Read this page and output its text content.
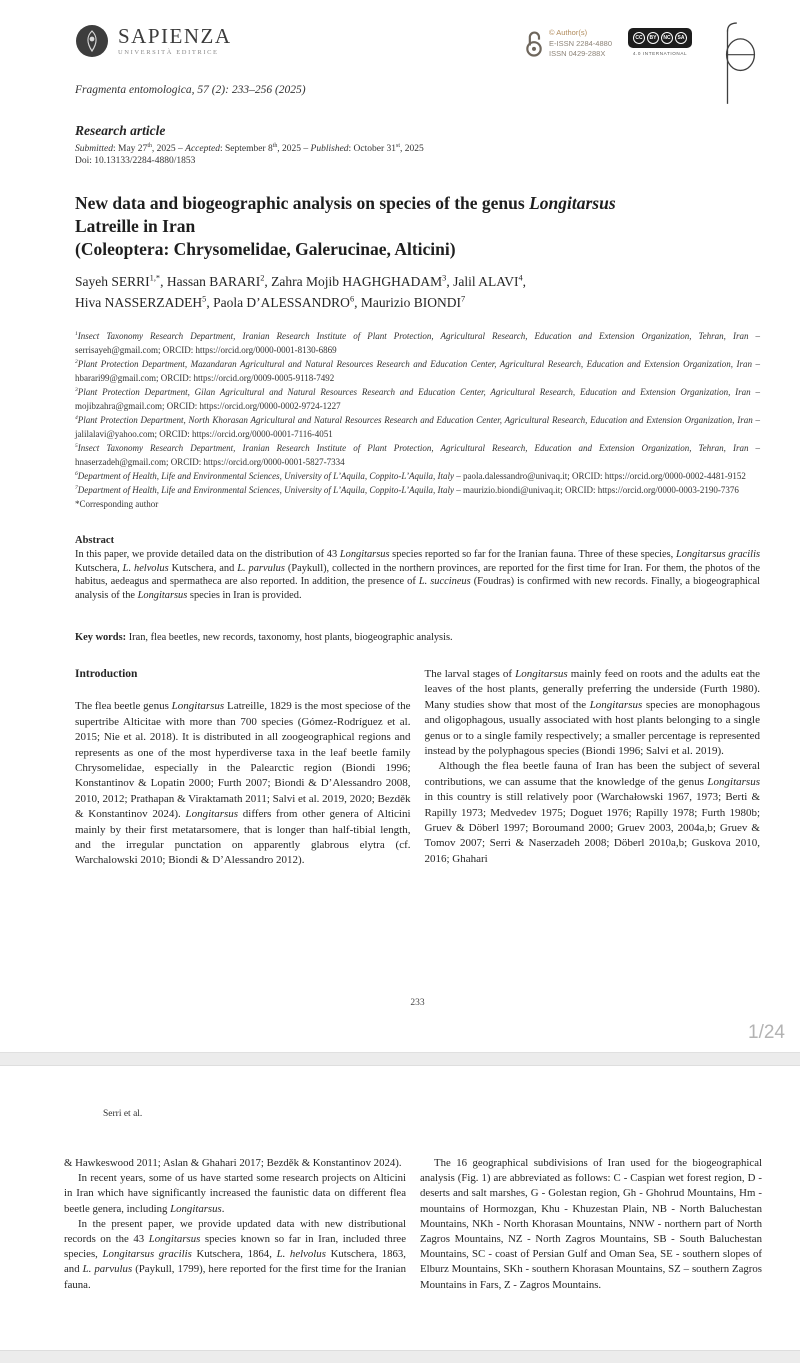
SAPIENZA
UNIVERSITÀ EDITRICE
© Author(s)
E-ISSN 2284-4880
ISSN 0429-288X
CC	BY	NC	SA
4.0 INTERNATIONAL
Fragmenta entomologica, 57 (2): 233–256 (2025)
Research article
Submitted: May 27th, 2025 – Accepted: September 8th, 2025 – Published: October 31st, 2025
Doi: 10.13133/2284-4880/1853
New data and biogeographic analysis on species of the genus Longitarsus
Latreille in Iran
(Coleoptera: Chrysomelidae, Galerucinae, Alticini)
Sayeh $SERRI^{1,*}$, Hassan BARARI$^2$, Zahra Mojib HAGHGHADAM$^3$, Jalil ALAVI$^4$,
Hiva NASSERZADEH$^5$, Paola D’ALESSANDRO$^6$, Maurizio BIONDI$^7$

$^1$Insect Taxonomy Research Department, Iranian Research Institute of Plant Protection, Agricultural Research, Education and Extension Organization, Tehran, Iran – serrisayeh@gmail.com; ORCID: https://orcid.org/0000-0001-8130-6869

$^2$Plant Protection Department, Mazandaran Agricultural and Natural Resources Research and Education Center, Agricultural Research, Education and Extension Organization, Iran – hbarari99@gmail.com; ORCID: https://orcid.org/0009-0005-9118-7492

$^3$Plant Protection Department, Gilan Agricultural and Natural Resources Research and Education Center, Agricultural Research, Education and Extension Organization, Iran – mojibzahra@gmail.com; ORCID: https://orcid.org/0000-0002-9724-1227

$^4$Plant Protection Department, North Khorasan Agricultural and Natural Resources Research and Education Center, Agricultural Research, Education and Extension Organization, Iran – jalilalavi@yahoo.com; ORCID: https://orcid.org/0000-0001-7116-4051

$^5$Insect Taxonomy Research Department, Iranian Research Institute of Plant Protection, Agricultural Research, Education and Extension Organization, Tehran, Iran – hnaserzadeh@gmail.com; ORCID: https://orcid.org/0000-0001-5827-7334

$^6$Department of Health, Life and Environmental Sciences, University of L’Aquila, Coppito-L’Aquila, Italy – paola.dalessandro@univaq.it; ORCID: https://orcid.org/0000-0002-4481-9152

$^7$Department of Health, Life and Environmental Sciences, University of L’Aquila, Coppito-L’Aquila, Italy – maurizio.biondi@univaq.it; ORCID: https://orcid.org/0000-0003-2190-7376

*Corresponding author
Abstract
In this paper, we provide detailed data on the distribution of 43 Longitarsus species reported so far for the Iranian fauna. Three of these species, Longitarsus gracilis Kutschera, L. helvolus Kutschera, and L. parvulus (Paykull), collected in the northern provinces, are reported for the first time for Iran. For them, the photos of the habitus, aedeagus and spermatheca are also reported. In addition, the presence of L. succineus (Foudras) is confirmed with new records. Finally, a biogeographical analysis of the Longitarsus species in Iran is provided.
Key words: Iran, flea beetles, new records, taxonomy, host plants, biogeographic analysis.
Introduction

The flea beetle genus Longitarsus Latreille, 1829 is the most speciose of the supertribe Alticitae with more than 700 species (Gómez-Rodríguez et al. 2015; Nie et al. 2018). It is distributed in all zoogeographical regions and represents as one of the most hyperdiverse taxa in the leaf beetle family Chrysomelidae, especially in the Palearctic region (Biondi 1996; Konstantinov & Lopatin 2000; Furth 2007; Biondi & D’Alessandro 2008, 2010, 2012; Prathapan & Viraktamath 2011; Salvi et al. 2019, 2020; Bezděk & Konstantinov 2024). Longitarsus differs from other genera of Alticini mainly by their first metatarsomere, that is longer than half-tibial length, and the irregular punctation on apparently glabrous elytra (cf. Warchalowski 2010; Biondi & D’Alessandro 2012).

The larval stages of Longitarsus mainly feed on roots and the adults eat the leaves of the host plants, generally preferring the underside (Furth 1980). Many studies show that most of the Longitarsus species are monophagous and oligophagous, usually associated with host plants belonging to a single genus or to a single family respectively; a smaller percentage is represented instead by the polyphagous species (Biondi 1996; Salvi et al. 2019).

Although the flea beetle fauna of Iran has been the subject of several contributions, we can assume that the knowledge of the genus Longitarsus in this country is still relatively poor (Warchałowski 1967, 1973; Berti & Rapilly 1973; Medvedev 1975; Doguet 1976; Rapilly 1978; Furth 1980b; Gruev & Döberl 1997; Boroumand 2000; Gruev 2003, 2004a,b; Gruev & Tomov 2007; Serri & Naserzadeh 2008; Döberl 2010a,b; Guskova 2010, 2016; Ghahari

233
1/24
Serri et al.

& Hawkeswood 2011; Aslan & Ghahari 2017; Bezděk & Konstantinov 2024).

In recent years, some of us have started some research projects on Alticini in Iran which have significantly increased the faunistic data on different flea beetle genera, including Longitarsus.

In the present paper, we provide updated data with new distributional records on the 43 Longitarsus species known so far in Iran, included three species, Longitarsus gracilis Kutschera, 1864, L. helvolus Kutschera, 1863, and L. parvulus (Paykull, 1799), here reported for the first time for the Iranian fauna.

The 16 geographical subdivisions of Iran used for the biogeographical analysis (Fig. 1) are abbreviated as follows: C - Caspian wet forest region, D - deserts and salt marshes, G - Golestan region, Gh - Ghohrud Mountains, Hm - mountains of Hormozgan, Khu - Khuzestan Plain, NB - North Baluchestan Mountains, NKh - North Khorasan Mountains, NNW - northern part of North Zagros Mountains, NZ - North Zagros Mountains, SB - South Baluchestan Mountains, SC - coast of Persian Gulf and Oman Sea, SE - southern slopes of Elburz Mountains, SKh - southern Khorasan Mountains, SZ – southern Zagros Mountains in Fars, Z - Zagros Mountains.
